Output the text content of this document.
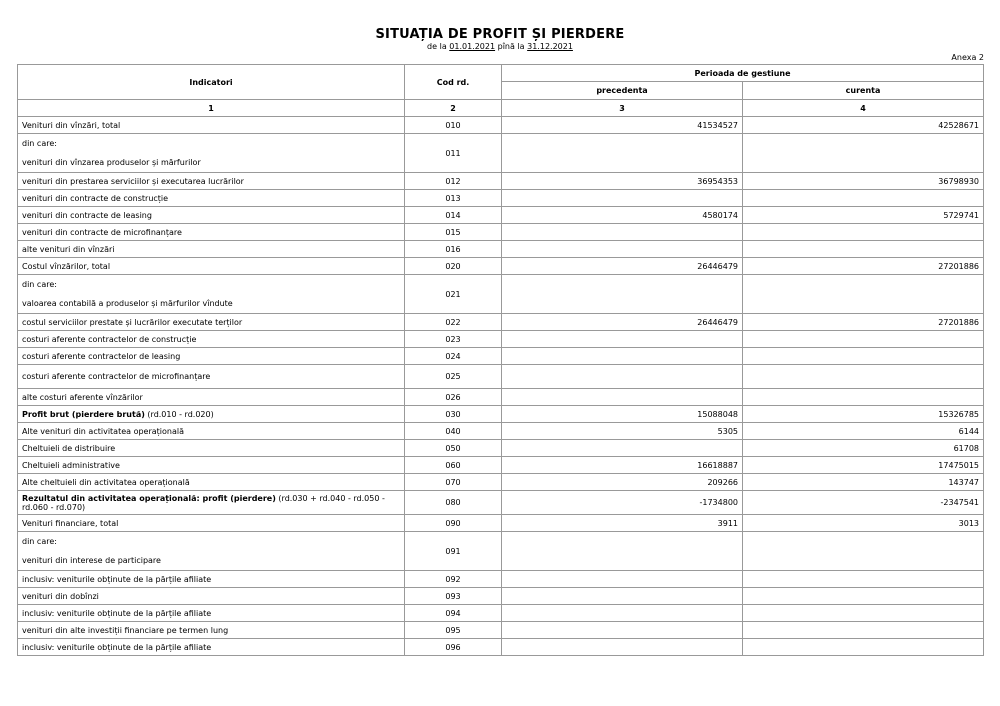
SITUAȚIA DE PROFIT ȘI PIERDERE
de la 01.01.2021 pînă la 31.12.2021
Anexa 2
Indicatori	Cod rd.	Perioada de gestiune	
		precedenta	curenta
1	2	3	4
Venituri din vînzări, total	010	41534527	42528671

din care:
venituri din vînzarea produselor și mărfurilor	011		
venituri din prestarea serviciilor și executarea lucrărilor	012	36954353	36798930
venituri din contracte de construcție	013		
venituri din contracte de leasing	014	4580174	5729741
venituri din contracte de microfinanțare	015		
alte venituri din vînzări	016		
Costul vînzărilor, total	020	26446479	27201886

din care:
valoarea contabilă a produselor și mărfurilor vîndute	021		
costul serviciilor prestate și lucrărilor executate terților	022	26446479	27201886
costuri aferente contractelor de construcție	023		
costuri aferente contractelor de leasing	024		
costuri aferente contractelor de microfinanțare	025		
alte costuri aferente vînzărilor	026		
Profit brut (pierdere brută) (rd.010 - rd.020)	030	15088048	15326785
Alte venituri din activitatea operațională	040	5305	6144
Cheltuieli de distribuire	050		61708
Cheltuieli administrative	060	16618887	17475015
Alte cheltuieli din activitatea operațională	070	209266	143747
Rezultatul din activitatea operațională: profit (pierdere) (rd.030 + rd.040 - rd.050 - rd.060 - rd.070)	080	-1734800	-2347541
Venituri financiare, total	090	3911	3013

din care:
venituri din interese de participare	091		
inclusiv: veniturile obținute de la părțile afiliate	092		
venituri din dobînzi	093		
inclusiv: veniturile obținute de la părțile afiliate	094		
venituri din alte investiții financiare pe termen lung	095		
inclusiv: veniturile obținute de la părțile afiliate	096		
